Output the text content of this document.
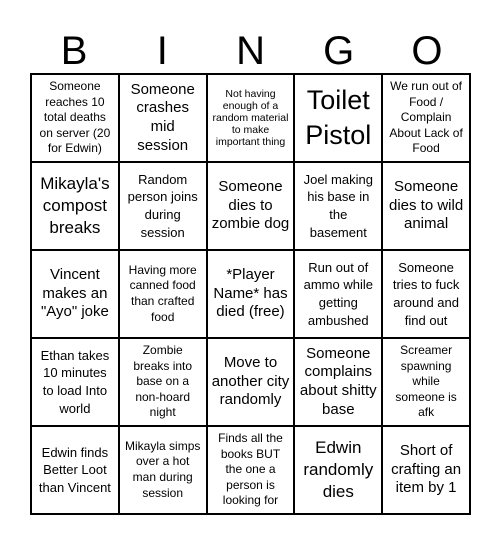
B	I	N	G	O
Someone reaches 10 total deaths on server (20 for Edwin)
Someone crashes mid session
Not having enough of a random material to make important thing
Toilet Pistol
We run out of Food / Complain About Lack of Food
Mikayla's compost breaks
Random person joins during session
Someone dies to zombie dog
Joel making his base in the basement
Someone dies to wild animal
Vincent makes an "Ayo" joke
Having more canned food than crafted food
*Player Name* has died (free)
Run out of ammo while getting ambushed
Someone tries to fuck around and find out
Ethan takes 10 minutes to load Into world
Zombie breaks into base on a non-hoard night
Move to another city randomly
Someone complains about shitty base
Screamer spawning while someone is afk
Edwin finds Better Loot than Vincent
Mikayla simps over a hot man during session
Finds all the books BUT the one a person is looking for
Edwin randomly dies
Short of crafting an item by 1
